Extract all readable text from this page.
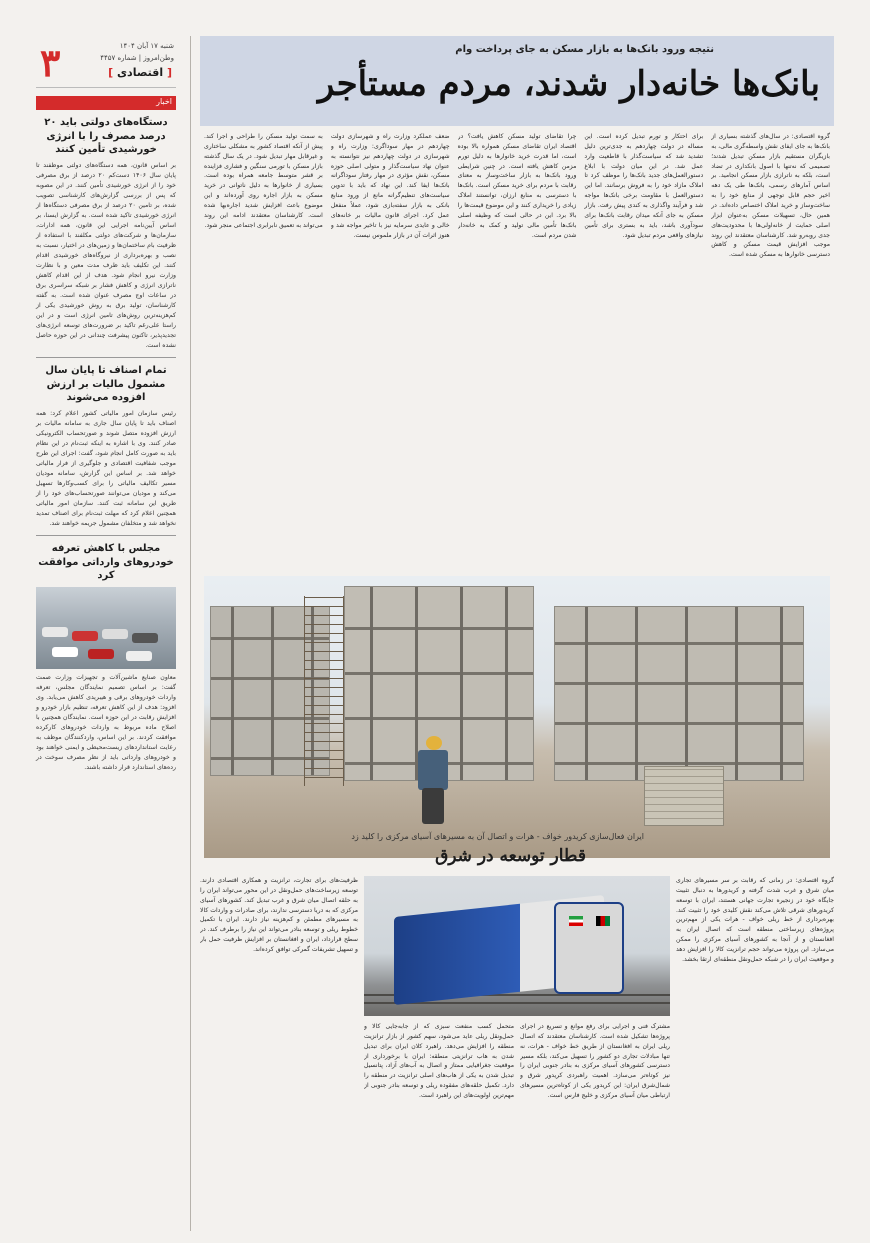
۳	شنبه ۱۷ آبان ۱۴۰۴
وطن‌امروز | شماره ۴۴۵۷
[ اقتصادی ]
اخبار
دستگاه‌های دولتی باید ۲۰ درصد مصرف را با انرژی خورشیدی تأمین کنند
بر اساس قانون، همه دستگاه‌های دولتی موظفند تا پایان سال ۱۴۰۶ دست‌کم ۲۰ درصد از برق مصرفی خود را از انرژی خورشیدی تأمین کنند. در این مصوبه که پس از بررسی گزارش‌های کارشناسی تصویب شده، بر تامین ۲۰ درصد از برق مصرفی دستگاه‌ها از انرژی خورشیدی تاکید شده است. به گزارش ایسنا، بر اساس آیین‌نامه اجرایی این قانون، همه ادارات، سازمان‌ها و شرکت‌های دولتی مکلفند با استفاده از ظرفیت بام ساختمان‌ها و زمین‌های در اختیار، نسبت به نصب و بهره‌برداری از نیروگاه‌های خورشیدی اقدام کنند. این تکلیف باید ظرف مدت معین و با نظارت وزارت نیرو انجام شود. هدف از این اقدام کاهش ناترازی انرژی و کاهش فشار بر شبکه سراسری برق در ساعات اوج مصرف عنوان شده است. به گفته کارشناسان، تولید برق به روش خورشیدی یکی از کم‌هزینه‌ترین روش‌های تامین انرژی است و در این راستا علی‌رغم تاکید بر ضرورت‌های توسعه انرژی‌های تجدیدپذیر، تاکنون پیشرفت چندانی در این حوزه حاصل نشده است.
تمام اصناف تا پایان سال مشمول مالیات بر ارزش افزوده می‌شوند
رئیس سازمان امور مالیاتی کشور اعلام کرد: همه اصناف باید تا پایان سال جاری به سامانه مالیات بر ارزش افزوده متصل شوند و صورتحساب الکترونیکی صادر کنند. وی با اشاره به اینکه ثبت‌نام در این نظام باید به صورت کامل انجام شود، گفت: اجرای این طرح موجب شفافیت اقتصادی و جلوگیری از فرار مالیاتی خواهد شد. بر اساس این گزارش، سامانه مودیان مسیر تکالیف مالیاتی را برای کسب‌وکارها تسهیل می‌کند و مودیان می‌توانند صورتحساب‌های خود را از طریق این سامانه ثبت کنند. سازمان امور مالیاتی همچنین اعلام کرد که مهلت ثبت‌نام برای اصناف تمدید نخواهد شد و متخلفان مشمول جریمه خواهند شد.
مجلس با کاهش تعرفه خودروهای وارداتی موافقت کرد
معاون صنایع ماشین‌آلات و تجهیزات وزارت صمت گفت: بر اساس تصمیم نمایندگان مجلس، تعرفه واردات خودروهای برقی و هیبریدی کاهش می‌یابد. وی افزود: هدف از این کاهش تعرفه، تنظیم بازار خودرو و افزایش رقابت در این حوزه است. نمایندگان همچنین با اصلاح ماده مربوط به واردات خودروهای کارکرده موافقت کردند. بر این اساس، واردکنندگان موظف به رعایت استانداردهای زیست‌محیطی و ایمنی خواهند بود و خودروهای وارداتی باید از نظر مصرف سوخت در رده‌های استاندارد قرار داشته باشند.
نتیجه ورود بانک‌ها به بازار مسکن به جای پرداخت وام
بانک‌ها خانه‌دار شدند، مردم مستأجر
گروه اقتصادی: در سال‌های گذشته بسیاری از بانک‌ها به جای ایفای نقش واسطه‌گری مالی، به بازیگران مستقیم بازار مسکن تبدیل شدند؛ تصمیمی که نه‌تنها با اصول بانکداری در تضاد است، بلکه به ناترازی بازار مسکن انجامید. بر اساس آمارهای رسمی، بانک‌ها طی یک دهه اخیر حجم قابل توجهی از منابع خود را به ساخت‌وساز و خرید املاک اختصاص داده‌اند. در همین حال، تسهیلات مسکن به‌عنوان ابزار اصلی حمایت از خانه‌اولی‌ها با محدودیت‌های جدی روبه‌رو شد. کارشناسان معتقدند این روند موجب افزایش قیمت مسکن و کاهش دسترسی خانوارها به مسکن شده است.
برای احتکار و تورم تبدیل کرده است. این مساله در دولت چهاردهم به جدی‌ترین دلیل تشدید شد که سیاست‌گذار با قاطعیت وارد عمل شد. در این میان دولت با ابلاغ دستورالعمل‌های جدید بانک‌ها را موظف کرد تا املاک مازاد خود را به فروش برسانند. اما این دستورالعمل با مقاومت برخی بانک‌ها مواجه شد و فرآیند واگذاری به کندی پیش رفت. بازار مسکن به جای آنکه میدان رقابت بانک‌ها برای سودآوری باشد، باید به بستری برای تأمین نیازهای واقعی مردم تبدیل شود.
چرا تقاضای تولید مسکن کاهش یافت؟ در اقتصاد ایران تقاضای مسکن همواره بالا بوده است، اما قدرت خرید خانوارها به دلیل تورم مزمن کاهش یافته است. در چنین شرایطی ورود بانک‌ها به بازار ساخت‌وساز به معنای رقابت با مردم برای خرید مسکن است. بانک‌ها با دسترسی به منابع ارزان، توانستند املاک زیادی را خریداری کنند و این موضوع قیمت‌ها را بالا برد. این در حالی است که وظیفه اصلی بانک‌ها تأمین مالی تولید و کمک به خانه‌دار شدن مردم است.
ضعف عملکرد وزارت راه و شهرسازی دولت چهاردهم در مهار سوداگری: وزارت راه و شهرسازی در دولت چهاردهم نیز نتوانسته به عنوان نهاد سیاست‌گذار و متولی اصلی حوزه مسکن، نقش مؤثری در مهار رفتار سوداگرانه بانک‌ها ایفا کند. این نهاد که باید با تدوین سیاست‌های تنظیم‌گرانه مانع از ورود منابع بانکی به بازار سفته‌بازی شود، عملاً منفعل عمل کرد. اجرای قانون مالیات بر خانه‌های خالی و عایدی سرمایه نیز با تاخیر مواجه شد و هنوز اثرات آن در بازار ملموس نیست.
به سمت تولید مسکن را طراحی و اجرا کند. پیش از آنکه اقتصاد کشور به مشکلی ساختاری و غیرقابل مهار تبدیل شود. در یک سال گذشته بازار مسکن با تورمی سنگین و فشاری فزاینده بر قشر متوسط جامعه همراه بوده است. بسیاری از خانوارها به دلیل ناتوانی در خرید مسکن به بازار اجاره روی آورده‌اند و این موضوع باعث افزایش شدید اجاره‌بها شده است. کارشناسان معتقدند ادامه این روند می‌تواند به تعمیق نابرابری اجتماعی منجر شود.
ایران فعال‌سازی کریدور خواف - هرات و اتصال آن به مسیرهای آسیای مرکزی را کلید زد
قطار توسعه در شرق
گروه اقتصادی: در زمانی که رقابت بر سر مسیرهای تجاری میان شرق و غرب شدت گرفته و کریدورها به دنبال تثبیت جایگاه خود در زنجیره تجارت جهانی هستند، ایران با توسعه کریدورهای شرقی تلاش می‌کند نقش کلیدی خود را تثبیت کند. بهره‌برداری از خط ریلی خواف - هرات یکی از مهم‌ترین پروژه‌های زیرساختی منطقه است که اتصال ایران به افغانستان و از آنجا به کشورهای آسیای مرکزی را ممکن می‌سازد. این پروژه می‌تواند حجم ترانزیت کالا را افزایش دهد و موقعیت ایران را در شبکه حمل‌ونقل منطقه‌ای ارتقا بخشد.
متحمل کسب منفعت سبزی که از جابه‌جایی کالا و حمل‌ونقل ریلی عاید می‌شود، سهم کشور از بازار ترانزیت منطقه را افزایش می‌دهد. راهبرد کلان ایران برای تبدیل شدن به هاب ترانزیتی منطقه: ایران با برخورداری از موقعیت جغرافیایی ممتاز و اتصال به آب‌های آزاد، پتانسیل تبدیل شدن به یکی از هاب‌های اصلی ترانزیت در منطقه را دارد. تکمیل حلقه‌های مفقوده ریلی و توسعه بنادر جنوبی از مهم‌ترین اولویت‌های این راهبرد است.
مشترک فنی و اجرایی برای رفع موانع و تسریع در اجرای پروژه‌ها تشکیل شده است. کارشناسان معتقدند که اتصال ریلی ایران به افغانستان از طریق خط خواف - هرات، نه تنها مبادلات تجاری دو کشور را تسهیل می‌کند، بلکه مسیر دسترسی کشورهای آسیای مرکزی به بنادر جنوبی ایران را نیز کوتاه‌تر می‌سازد. اهمیت راهبردی کریدور شرق و شمال‌شرق ایران: این کریدور یکی از کوتاه‌ترین مسیرهای ارتباطی میان آسیای مرکزی و خلیج فارس است.
ظرفیت‌های برای تجارت، ترانزیت و همکاری اقتصادی دارند. توسعه زیرساخت‌های حمل‌ونقل در این محور می‌تواند ایران را به حلقه اتصال میان شرق و غرب تبدیل کند. کشورهای آسیای مرکزی که به دریا دسترسی ندارند، برای صادرات و واردات کالا به مسیرهای مطمئن و کم‌هزینه نیاز دارند. ایران با تکمیل خطوط ریلی و توسعه بنادر می‌تواند این نیاز را برطرف کند. در سطح قرارداد، ایران و افغانستان بر افزایش ظرفیت حمل بار و تسهیل تشریفات گمرکی توافق کرده‌اند.
